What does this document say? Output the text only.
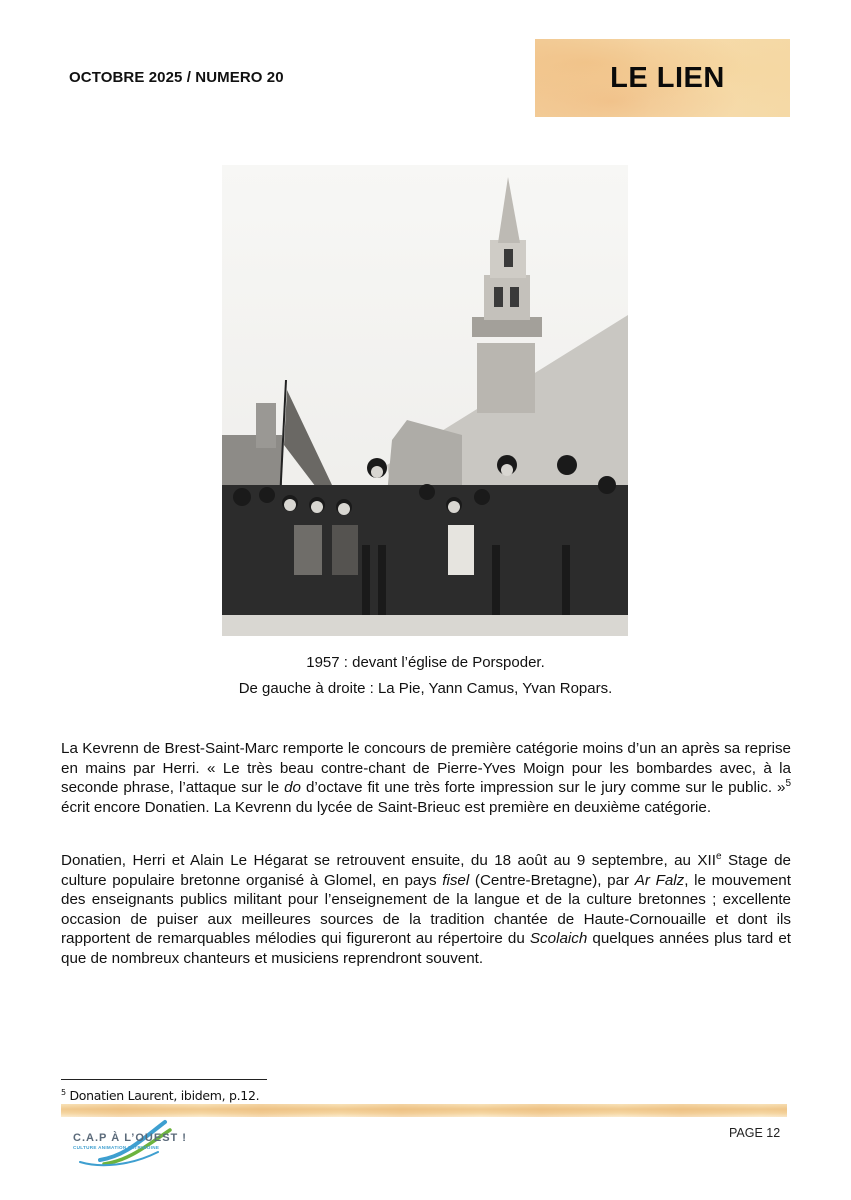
OCTOBRE 2025 / NUMERO 20	LE LIEN
1957 : devant l’église de Porspoder.
De gauche à droite : La Pie, Yann Camus, Yvan Ropars.

La Kevrenn de Brest-Saint-Marc remporte le concours de première catégorie moins d’un an après sa reprise en mains par Herri. « Le très beau contre-chant de Pierre-Yves Moign pour les bombardes avec, à la seconde phrase, l’attaque sur le do d’octave fit une très forte impression sur le jury comme sur le public. »$^5$ écrit encore Donatien. La Kevrenn du lycée de Saint-Brieuc est première en deuxième catégorie.

Donatien, Herri et Alain Le Hégarat se retrouvent ensuite, du 18 août au 9 septembre, au XIIe Stage de culture populaire bretonne organisé à Glomel, en pays fisel (Centre-Bretagne), par Ar Falz, le mouvement des enseignants publics militant pour l’enseignement de la langue et de la culture bretonnes ; excellente occasion de puiser aux meilleures sources de la tradition chantée de Haute-Cornouaille et dont ils rapportent de remarquables mélodies qui figureront au répertoire du Scolaich quelques années plus tard et que de nombreux chanteurs et musiciens reprendront souvent.

$^5$ Donatien Laurent, ibidem, p.12.
C.A.P À L’OUEST !
CULTURE ANIMATION PATRIMOINE
PAGE 12
